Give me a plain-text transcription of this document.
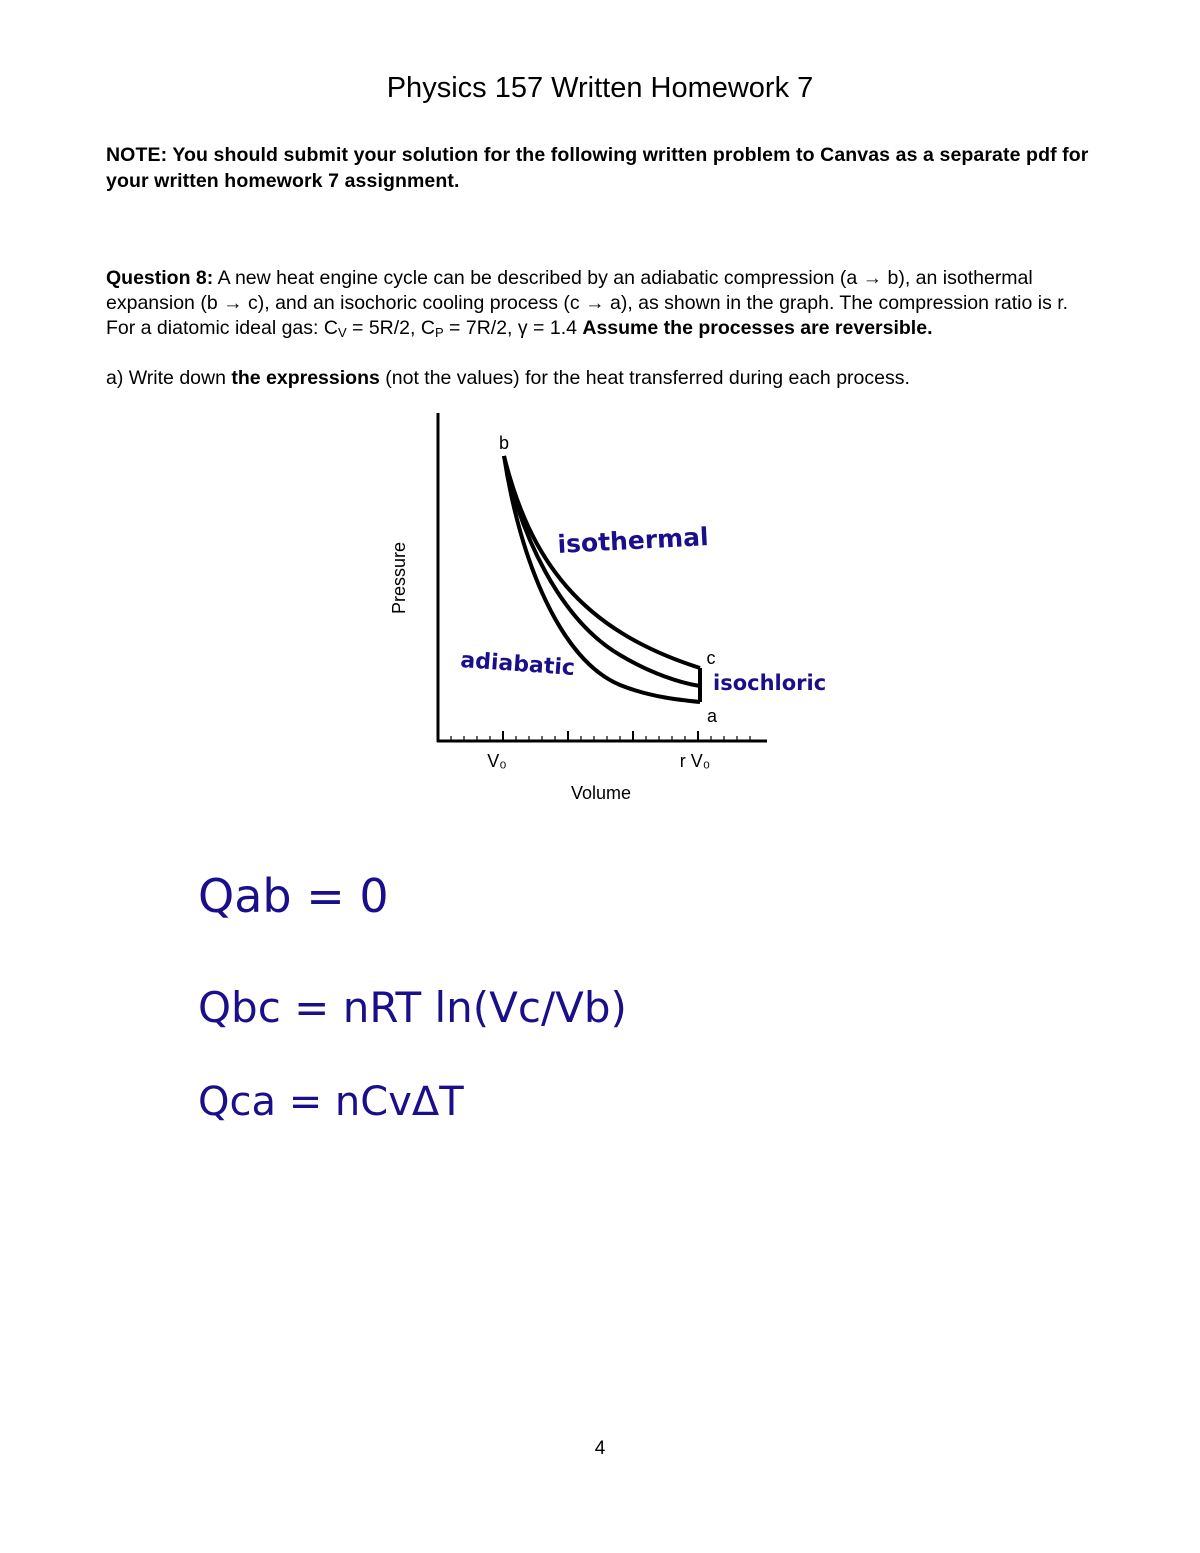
Physics 157 Written Homework 7
NOTE: You should submit your solution for the following written problem to Canvas as a separate pdf for your written homework 7 assignment.
Question 8: A new heat engine cycle can be described by an adiabatic compression (a → b), an isothermal expansion (b → c), and an isochoric cooling process (c → a), as shown in the graph. The compression ratio is r. For a diatomic ideal gas: $C_V = 5R/2$, $C_P = 7R/2$, γ = 1.4 Assume the processes are reversible.
a) Write down the expressions (not the values) for the heat transferred during each process.
b
c
a
V₀	r V₀
Volume
Pressure
isothermal
adiabatic
isochloric
Qab = 0
Qbc = nRT ln(Vc/Vb)
Qca = nCvΔT
4
